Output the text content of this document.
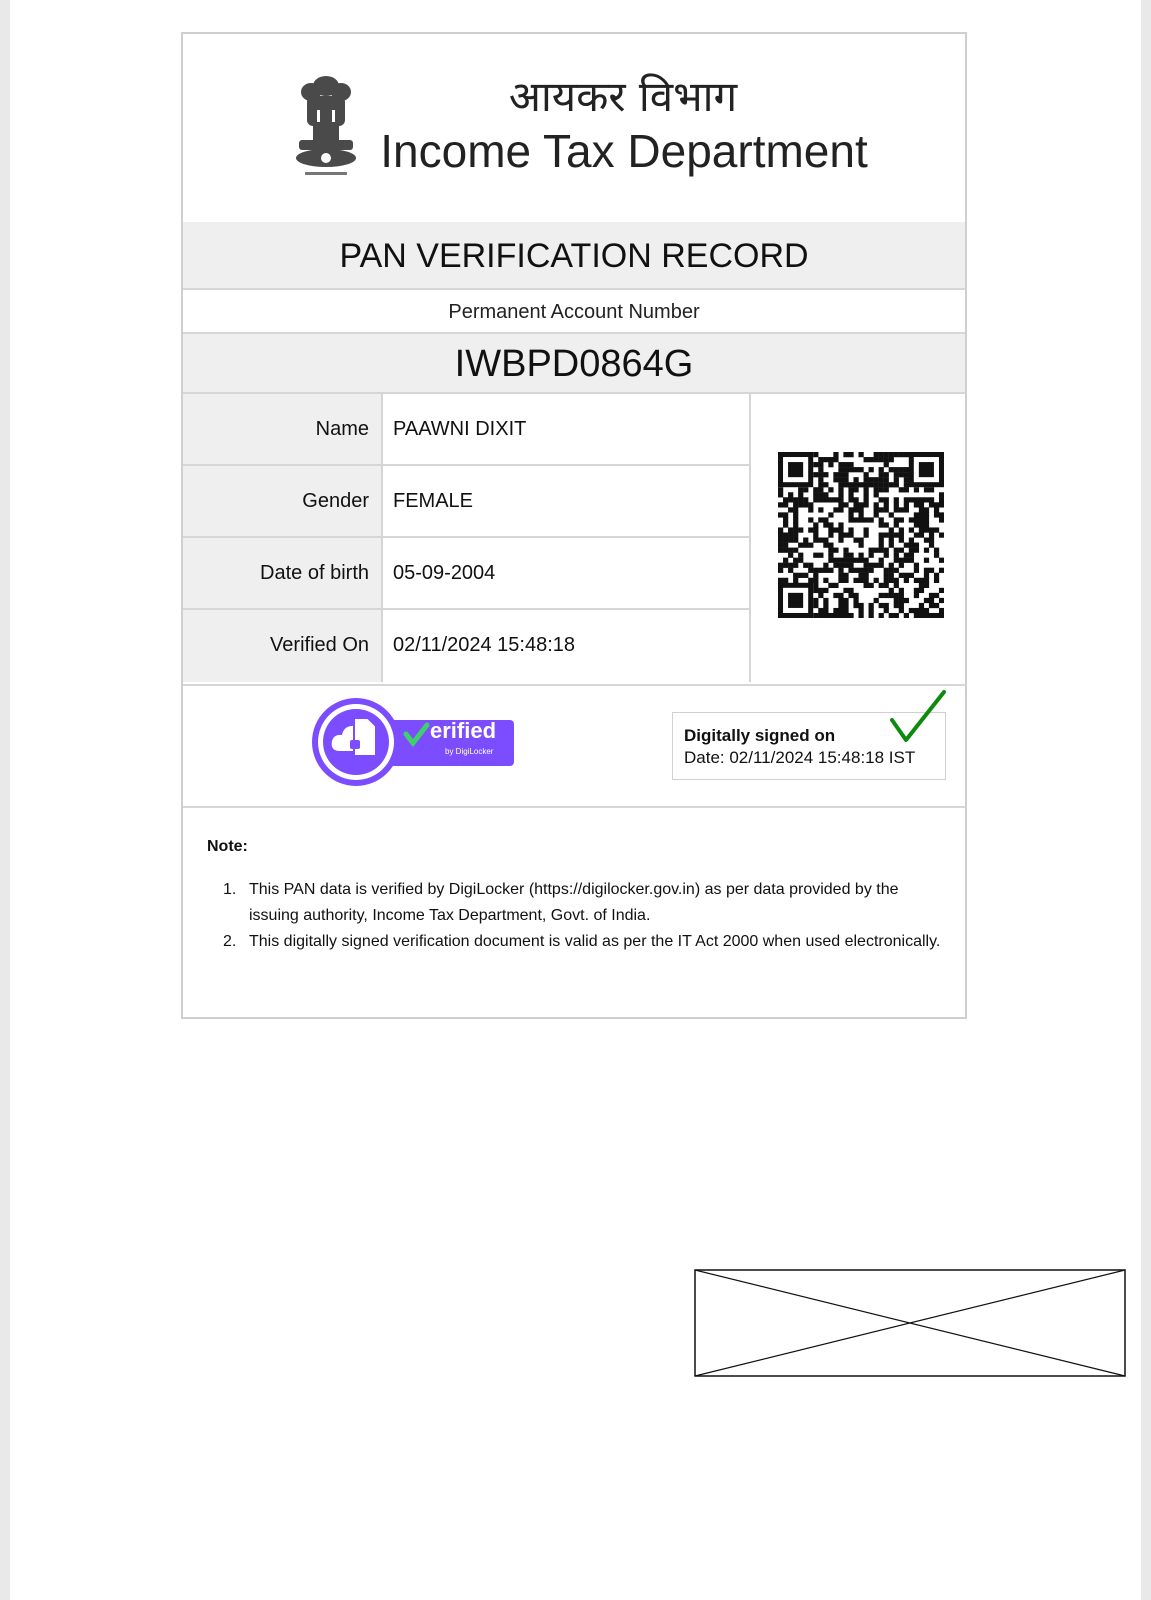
आयकर विभाग
Income Tax Department
PAN VERIFICATION RECORD
Permanent Account Number
IWBPD0864G
Name
Gender
Date of birth
Verified On
PAAWNI DIXIT
FEMALE
05-09-2004
02/11/2024 15:48:18
erified
by DigiLocker
Digitally signed on
Date: 02/11/2024 15:48:18 IST
Note:
1. This PAN data is verified by DigiLocker (https://digilocker.gov.in) as per data provided by the issuing authority, Income Tax Department, Govt. of India.
2. This digitally signed verification document is valid as per the IT Act 2000 when used electronically.
